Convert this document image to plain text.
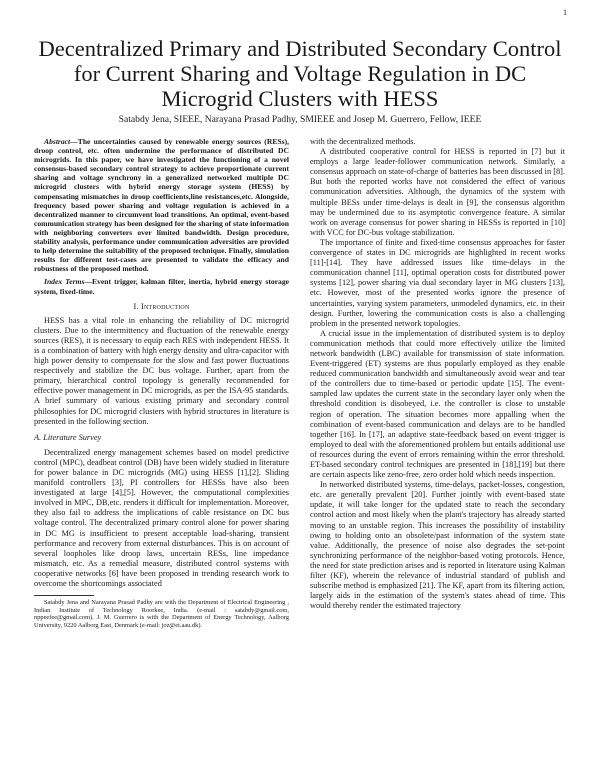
1
Decentralized Primary and Distributed Secondary Control for Current Sharing and Voltage Regulation in DC Microgrid Clusters with HESS
Satabdy Jena, SIEEE, Narayana Prasad Padhy, SMIEEE and Josep M. Guerrero, Fellow, IEEE

Abstract—The uncertainties caused by renewable energy sources (RESs), droop control, etc. often undermine the performance of distributed DC microgrids. In this paper, we have investigated the functioning of a novel consensus-based secondary control strategy to achieve proportionate current sharing and voltage synchrony in a generalized networked multiple DC microgrid clusters with hybrid energy storage system (HESS) by compensating mismatches in droop coefficients,line resistances,etc. Alongside, frequency based power sharing and voltage regulation is achieved in a decentralized manner to circumvent load transitions. An optimal, event-based communication strategy has been designed for the sharing of state information with neighboring converters over limited bandwidth. Design procedure, stability analysis, performance under communication adversities are provided to help determine the suitability of the proposed technique. Finally, simulation results for different test-cases are presented to validate the efficacy and robustness of the proposed method.

Index Terms—Event trigger, kalman filter, inertia, hybrid energy storage system, fixed-time.

I. Introduction

HESS has a vital role in enhancing the reliability of DC microgrid clusters. Due to the intermittency and fluctuation of the renewable energy sources (RES), it is necessary to equip each RES with independent HESS. It is a combination of battery with high energy density and ultra-capacitor with high power density to compensate for the slow and fast power fluctuations respectively and stabilize the DC bus voltage. Further, apart from the primary, hierarchical control topology is generally recommended for effective power management in DC microgrids, as per the ISA-95 standards. A brief summary of various existing primary and secondary control philosophies for DC microgrid clusters with hybrid structures in literature is presented in the following section.

A. Literature Survey

Decentralized energy management schemes based on model predictive control (MPC), deadbeat control (DB) have been widely studied in literature for power balance in DC microgrids (MG) using HESS [1],[2]. Sliding manifold controllers [3], PI controllers for HESSs have also been investigated at large [4],[5]. However, the computational complexities involved in MPC, DB,etc. renders it difficult for implementation. Moreover, they also fail to address the implications of cable resistance on DC bus voltage control. The decentralized primary control alone for power sharing in DC MG is insufficient to present acceptable load-sharing, transient performance and recovery from external disturbances. This is on account of several loopholes like droop laws, uncertain RESs, line impedance mismatch, etc. As a remedial measure, distributed control systems with cooperative networks [6] have been proposed in trending research work to overcome the shortcomings associated

Satabdy Jena and Narayana Prasad Padhy are with the Department of Electrical Engineering , Indian Institute of Technology Roorkee, India. (e-mail : satabdy@gmail.com, nppeefee@gmail.com). J. M. Guerrero is with the Department of Energy Technology, Aalborg University, 9220 Aalborg East, Denmark (e-mail: joz@et.aau.dk).

with the decentralized methods.

A distributed cooperative control for HESS is reported in [7] but it employs a large leader-follower communication network. Similarly, a consensus approach on state-of-charge of batteries has been discussed in [8]. But both the reported works have not considered the effect of various communication adversities. Although, the dynamics of the system with multiple BESs under time-delays is dealt in [9], the consensus algorithm may be undermined due to its asymptotic convergence feature. A similar work on average consensus for power sharing in HESSs is reported in [10] with VCC for DC-bus voltage stabilization.

The importance of finite and fixed-time consensus approaches for faster convergence of states in DC microgrids are highlighted in recent works [11]-[14]. They have addressed issues like time-delays in the communication channel [11], optimal operation costs for distributed power systems [12], power sharing via dual secondary layer in MG clusters [13], etc. However, most of the presented works ignore the presence of uncertainties, varying system parameters, unmodeled dynamics, etc. in their design. Further, lowering the communication costs is also a challenging problem in the presented network topologies.

A crucial issue in the implementation of distributed system is to deploy communication methods that could more effectively utilize the limited network bandwidth (LBC) available for transmission of state information. Event-triggered (ET) systems are thus popularly employed as they enable reduced communication bandwidth and simultaneously avoid wear and tear of the controllers due to time-based or periodic update [15]. The event-sampled law updates the current state in the secondary layer only when the threshold condition is disobeyed, i.e. the controller is close to unstable region of operation. The situation becomes more appalling when the combination of event-based communication and delays are to be handled together [16]. In [17], an adaptive state-feedback based on event trigger is employed to deal with the aforementioned problem but entails additional use of resources during the event of errors remaining within the error threshold. ET-based secondary control techniques are presented in [18],[19] but there are certain aspects like zeno-free, zero order hold which needs inspection.

In networked distributed systems, time-delays, packet-losses, congestion, etc. are generally prevalent [20]. Further jointly with event-based state update, it will take longer for the updated state to reach the secondary control action and most likely when the plant's trajectory has already started moving to an unstable region. This increases the possibility of instability owing to holding onto an obsolete/past information of the system state value. Additionally, the presence of noise also degrades the set-point synchronizing performance of the neighbor-based voting protocols. Hence, the need for state prediction arises and is reported in literature using Kalman filter (KF), wherein the relevance of industrial standard of publish and subscribe method is emphasized [21]. The KF, apart from its filtering action, largely aids in the estimation of the system's states ahead of time. This would thereby render the estimated trajectory
